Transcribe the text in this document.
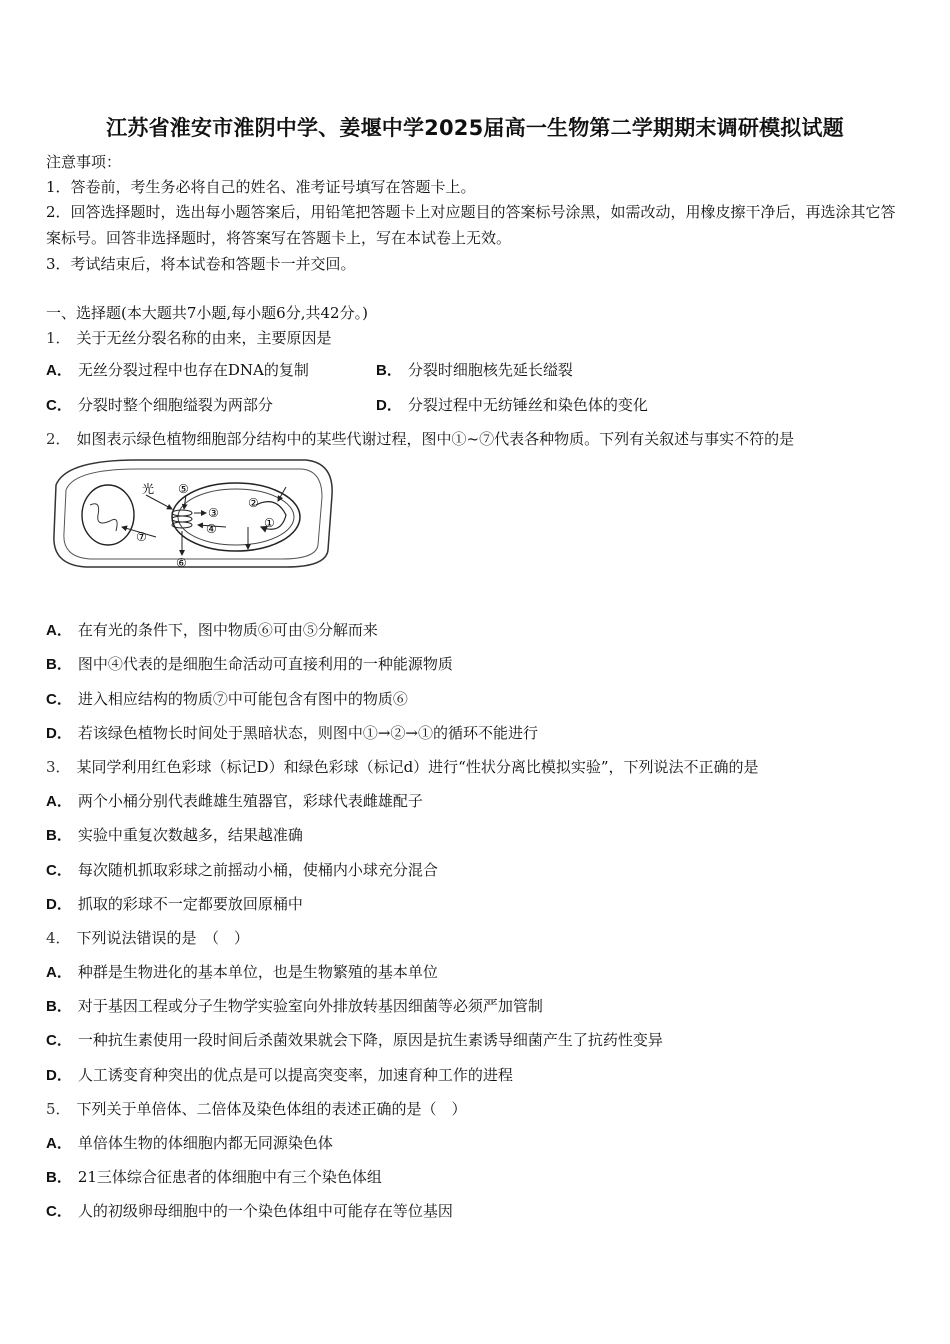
江苏省淮安市淮阴中学、姜堰中学2025届高一生物第二学期期末调研模拟试题
注意事项：
1．答卷前，考生务必将自己的姓名、准考证号填写在答题卡上。
2．回答选择题时，选出每小题答案后，用铅笔把答题卡上对应题目的答案标号涂黑，如需改动，用橡皮擦干净后，再选涂其它答案标号。回答非选择题时，将答案写在答题卡上，写在本试卷上无效。
3．考试结束后，将本试卷和答题卡一并交回。
一、选择题(本大题共7小题,每小题6分,共42分。)
1． 关于无丝分裂名称的由来，主要原因是
A． 无丝分裂过程中也存在DNA的复制	B． 分裂时细胞核先延长缢裂
C． 分裂时整个细胞缢裂为两部分	D． 分裂过程中无纺锤丝和染色体的变化
2． 如图表示绿色植物细胞部分结构中的某些代谢过程，图中①~⑦代表各种物质。下列有关叙述与事实不符的是
光 ⑤
②
③
④	①
⑥
⑦
A． 在有光的条件下，图中物质⑥可由⑤分解而来
B． 图中④代表的是细胞生命活动可直接利用的一种能源物质
C． 进入相应结构的物质⑦中可能包含有图中的物质⑥
D． 若该绿色植物长时间处于黑暗状态，则图中①→②→①的循环不能进行
3． 某同学利用红色彩球（标记D）和绿色彩球（标记d）进行“性状分离比模拟实验”，下列说法不正确的是
A． 两个小桶分别代表雌雄生殖器官，彩球代表雌雄配子
B． 实验中重复次数越多，结果越准确
C． 每次随机抓取彩球之前摇动小桶，使桶内小球充分混合
D． 抓取的彩球不一定都要放回原桶中
4． 下列说法错误的是　（　）
A． 种群是生物进化的基本单位，也是生物繁殖的基本单位
B． 对于基因工程或分子生物学实验室向外排放转基因细菌等必须严加管制
C． 一种抗生素使用一段时间后杀菌效果就会下降，原因是抗生素诱导细菌产生了抗药性变异
D． 人工诱变育种突出的优点是可以提高突变率，加速育种工作的进程
5． 下列关于单倍体、二倍体及染色体组的表述正确的是（　）
A． 单倍体生物的体细胞内都无同源染色体
B． 21三体综合征患者的体细胞中有三个染色体组
C． 人的初级卵母细胞中的一个染色体组中可能存在等位基因
